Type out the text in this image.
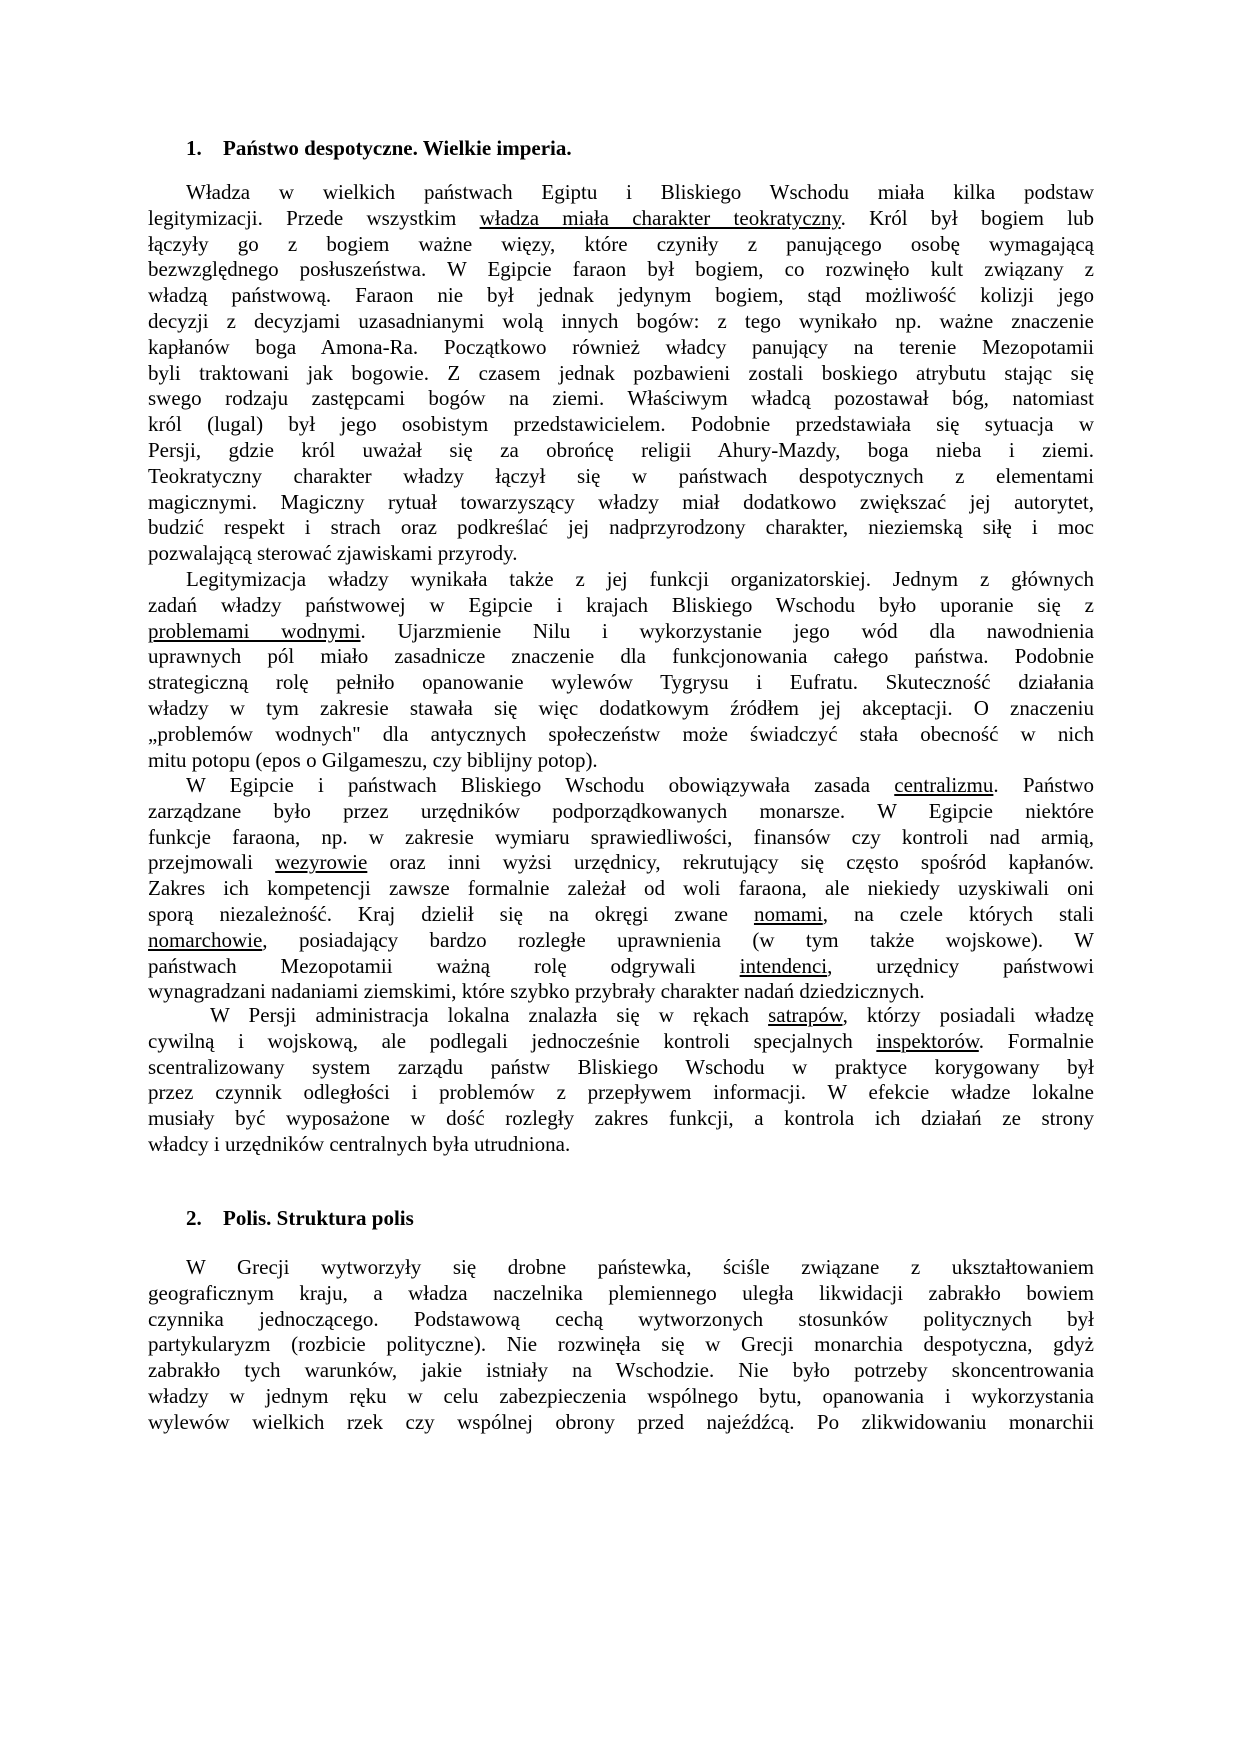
1. Państwo despotyczne. Wielkie imperia.
Władza w wielkich państwach Egiptu i Bliskiego Wschodu miała kilka podstaw
legitymizacji. Przede wszystkim władza miała charakter teokratyczny. Król był bogiem lub
łączyły go z bogiem ważne więzy, które czyniły z panującego osobę wymagającą
bezwzględnego posłuszeństwa. W Egipcie faraon był bogiem, co rozwinęło kult związany z
władzą państwową. Faraon nie był jednak jedynym bogiem, stąd możliwość kolizji jego
decyzji z decyzjami uzasadnianymi wolą innych bogów: z tego wynikało np. ważne znaczenie
kapłanów boga Amona-Ra. Początkowo również władcy panujący na terenie Mezopotamii
byli traktowani jak bogowie. Z czasem jednak pozbawieni zostali boskiego atrybutu stając się
swego rodzaju zastępcami bogów na ziemi. Właściwym władcą pozostawał bóg, natomiast
król (lugal) był jego osobistym przedstawicielem. Podobnie przedstawiała się sytuacja w
Persji, gdzie król uważał się za obrońcę religii Ahury-Mazdy, boga nieba i ziemi.
Teokratyczny charakter władzy łączył się w państwach despotycznych z elementami
magicznymi. Magiczny rytuał towarzyszący władzy miał dodatkowo zwiększać jej autorytet,
budzić respekt i strach oraz podkreślać jej nadprzyrodzony charakter, nieziemską siłę i moc
pozwalającą sterować zjawiskami przyrody.
Legitymizacja władzy wynikała także z jej funkcji organizatorskiej. Jednym z głównych
zadań władzy państwowej w Egipcie i krajach Bliskiego Wschodu było uporanie się z
problemami wodnymi. Ujarzmienie Nilu i wykorzystanie jego wód dla nawodnienia
uprawnych pól miało zasadnicze znaczenie dla funkcjonowania całego państwa. Podobnie
strategiczną rolę pełniło opanowanie wylewów Tygrysu i Eufratu. Skuteczność działania
władzy w tym zakresie stawała się więc dodatkowym źródłem jej akceptacji. O znaczeniu
„problemów wodnych" dla antycznych społeczeństw może świadczyć stała obecność w nich
mitu potopu (epos o Gilgameszu, czy biblijny potop).
W Egipcie i państwach Bliskiego Wschodu obowiązywała zasada centralizmu. Państwo
zarządzane było przez urzędników podporządkowanych monarsze. W Egipcie niektóre
funkcje faraona, np. w zakresie wymiaru sprawiedliwości, finansów czy kontroli nad armią,
przejmowali wezyrowie oraz inni wyżsi urzędnicy, rekrutujący się często spośród kapłanów.
Zakres ich kompetencji zawsze formalnie zależał od woli faraona, ale niekiedy uzyskiwali oni
sporą niezależność. Kraj dzielił się na okręgi zwane nomami, na czele których stali
nomarchowie, posiadający bardzo rozległe uprawnienia (w tym także wojskowe). W
państwach Mezopotamii ważną rolę odgrywali intendenci, urzędnicy państwowi
wynagradzani nadaniami ziemskimi, które szybko przybrały charakter nadań dziedzicznych.
W Persji administracja lokalna znalazła się w rękach satrapów, którzy posiadali władzę
cywilną i wojskową, ale podlegali jednocześnie kontroli specjalnych inspektorów. Formalnie
scentralizowany system zarządu państw Bliskiego Wschodu w praktyce korygowany był
przez czynnik odległości i problemów z przepływem informacji. W efekcie władze lokalne
musiały być wyposażone w dość rozległy zakres funkcji, a kontrola ich działań ze strony
władcy i urzędników centralnych była utrudniona.
2. Polis. Struktura polis
W Grecji wytworzyły się drobne państewka, ściśle związane z ukształtowaniem
geograficznym kraju, a władza naczelnika plemiennego uległa likwidacji zabrakło bowiem
czynnika jednoczącego. Podstawową cechą wytworzonych stosunków politycznych był
partykularyzm (rozbicie polityczne). Nie rozwinęła się w Grecji monarchia despotyczna, gdyż
zabrakło tych warunków, jakie istniały na Wschodzie. Nie było potrzeby skoncentrowania
władzy w jednym ręku w celu zabezpieczenia wspólnego bytu, opanowania i wykorzystania
wylewów wielkich rzek czy wspólnej obrony przed najeźdźcą. Po zlikwidowaniu monarchii
